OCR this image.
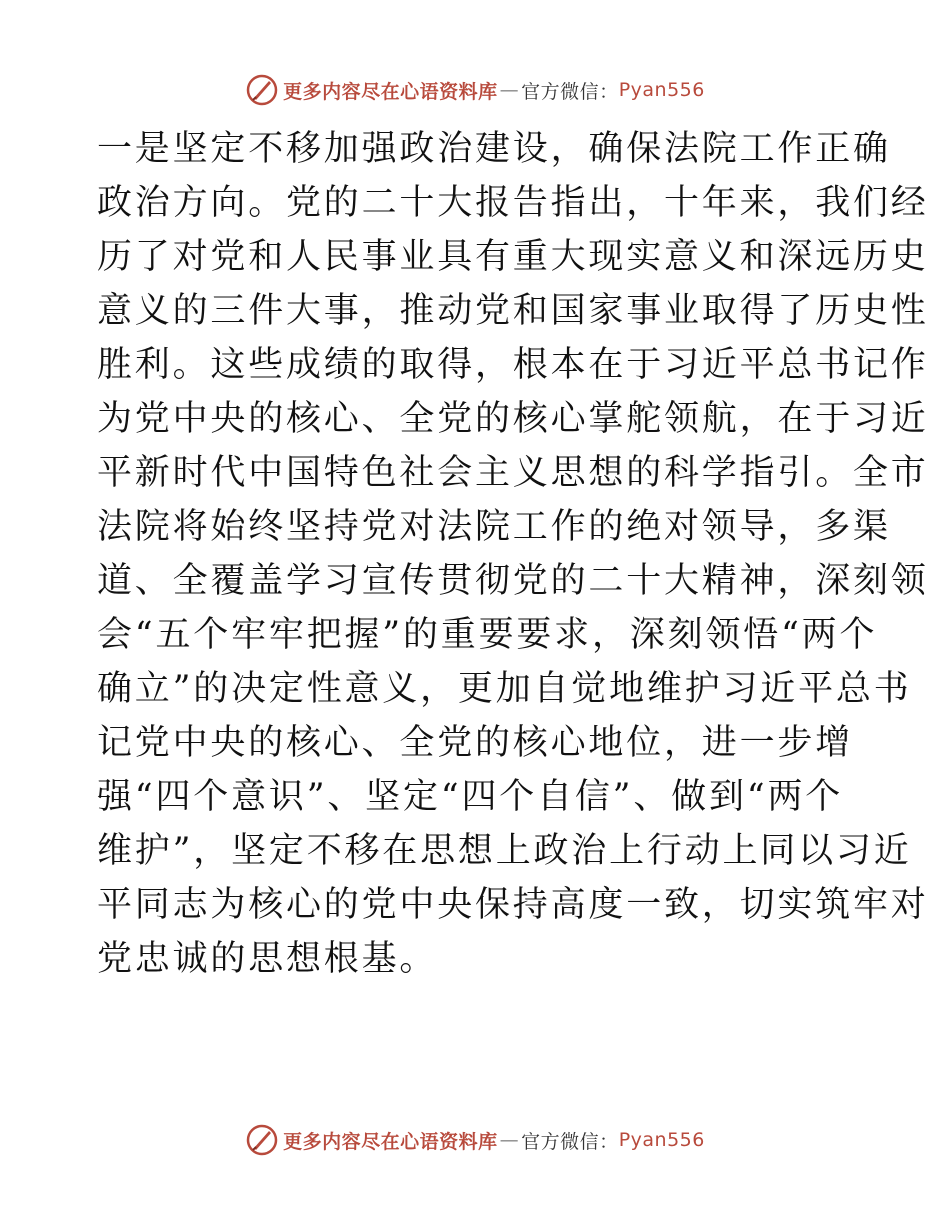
更多内容尽在心语资料库 — 官方微信： Pyan556
一是坚定不移加强政治建设，确保法院工作正确
政治方向。党的二十大报告指出，十年来，我们经
历了对党和人民事业具有重大现实意义和深远历史
意义的三件大事，推动党和国家事业取得了历史性
胜利。这些成绩的取得，根本在于习近平总书记作
为党中央的核心、全党的核心掌舵领航，在于习近
平新时代中国特色社会主义思想的科学指引。全市
法院将始终坚持党对法院工作的绝对领导，多渠
道、全覆盖学习宣传贯彻党的二十大精神，深刻领
会“五个牢牢把握”的重要要求，深刻领悟“两个
确立”的决定性意义，更加自觉地维护习近平总书
记党中央的核心、全党的核心地位，进一步增
强“四个意识”、坚定“四个自信”、做到“两个
维护”，坚定不移在思想上政治上行动上同以习近
平同志为核心的党中央保持高度一致，切实筑牢对
党忠诚的思想根基。
更多内容尽在心语资料库 — 官方微信： Pyan556
